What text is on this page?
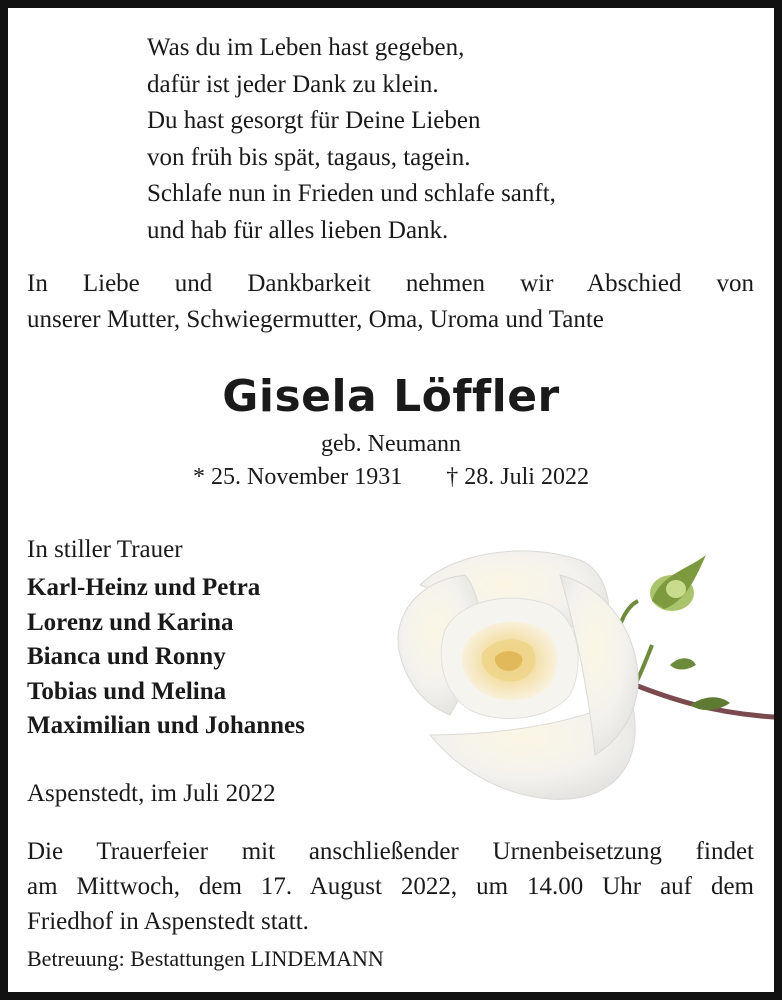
Was du im Leben hast gegeben,
dafür ist jeder Dank zu klein.
Du hast gesorgt für Deine Lieben
von früh bis spät, tagaus, tagein.
Schlafe nun in Frieden und schlafe sanft,
und hab für alles lieben Dank.
In Liebe und Dankbarkeit nehmen wir Abschied von
unserer Mutter, Schwiegermutter, Oma, Uroma und Tante
Gisela Löffler
geb. Neumann
* 25. November 1931 † 28. Juli 2022
In stiller Trauer
Karl-Heinz und Petra
Lorenz und Karina
Bianca und Ronny
Tobias und Melina
Maximilian und Johannes
Aspenstedt, im Juli 2022
Die Trauerfeier mit anschließender Urnenbeisetzung findet
am Mittwoch, dem 17. August 2022, um 14.00 Uhr auf dem
Friedhof in Aspenstedt statt.
Betreuung: Bestattungen LINDEMANN
